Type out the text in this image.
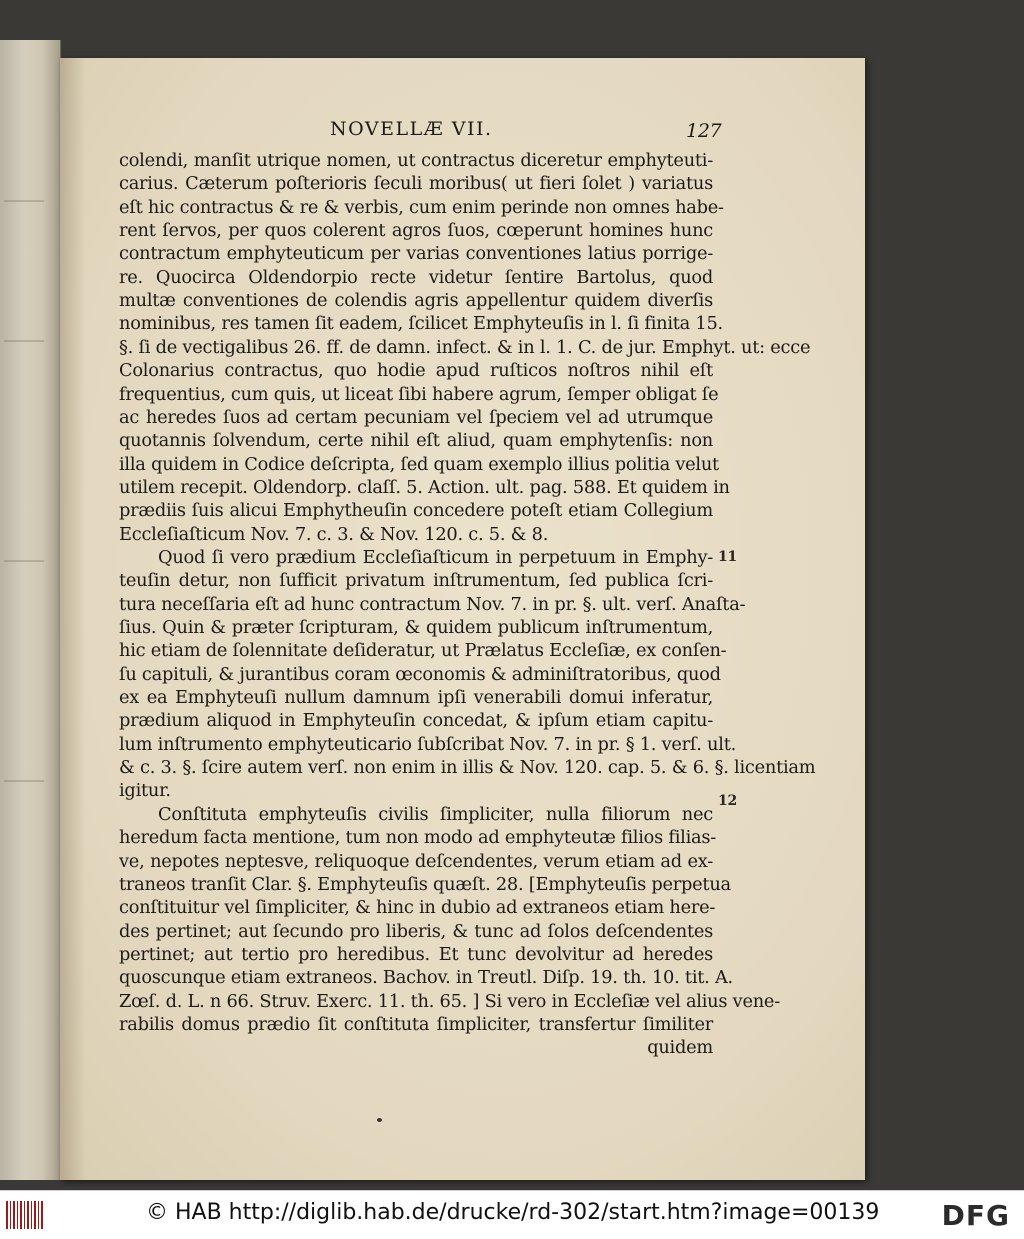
NOVELLÆ VII.	127
colendi, manſit utrique nomen, ut contractus diceretur emphyteuti-
carius. Cæterum poſterioris ſeculi moribus( ut fieri ſolet ) variatus
eſt hic contractus & re & verbis, cum enim perinde non omnes habe-
rent ſervos, per quos colerent agros ſuos, cœperunt homines hunc
contractum emphyteuticum per varias conventiones latius porrige-
re. Quocirca Oldendorpio recte videtur ſentire Bartolus, quod
multæ conventiones de colendis agris appellentur quidem diverſis
nominibus, res tamen ſit eadem, ſcilicet Emphyteuſis in l. ſi finita 15.
§. ſi de vectigalibus 26. ff. de damn. infect. & in l. 1. C. de jur. Emphyt. ut: ecce
Colonarius contractus, quo hodie apud ruſticos noſtros nihil eſt
frequentius, cum quis, ut liceat ſibi habere agrum, ſemper obligat ſe
ac heredes ſuos ad certam pecuniam vel ſpeciem vel ad utrumque
quotannis ſolvendum, certe nihil eſt aliud, quam emphytenſis: non
illa quidem in Codice deſcripta, ſed quam exemplo illius politia velut
utilem recepit. Oldendorp. claſſ. 5. Action. ult. pag. 588. Et quidem in
prædiis ſuis alicui Emphytheuſin concedere poteſt etiam Collegium
Eccleſiaſticum Nov. 7. c. 3. & Nov. 120. c. 5. & 8.
Quod ſi vero prædium Eccleſiaſticum in perpetuum in Emphy-
teuſin detur, non ſufficit privatum inſtrumentum, ſed publica ſcri-
tura neceſſaria eſt ad hunc contractum Nov. 7. in pr. §. ult. verſ. Anaſta-
ſius. Quin & præter ſcripturam, & quidem publicum inſtrumentum,
hic etiam de ſolennitate deſideratur, ut Prælatus Eccleſiæ, ex conſen-
ſu capituli, & jurantibus coram œconomis & adminiſtratoribus, quod
ex ea Emphyteuſi nullum damnum ipſi venerabili domui inferatur,
prædium aliquod in Emphyteuſin concedat, & ipſum etiam capitu-
lum inſtrumento emphyteuticario ſubſcribat Nov. 7. in pr. § 1. verſ. ult.
& c. 3. §. ſcire autem verſ. non enim in illis & Nov. 120. cap. 5. & 6. §. licentiam
igitur.
Conſtituta emphyteuſis civilis ſimpliciter, nulla filiorum nec
heredum facta mentione, tum non modo ad emphyteutæ filios filias-
ve, nepotes neptesve, reliquoque deſcendentes, verum etiam ad ex-
traneos tranſit Clar. §. Emphyteuſis quæſt. 28. [Emphyteuſis perpetua
conſtituitur vel ſimpliciter, & hinc in dubio ad extraneos etiam here-
des pertinet; aut ſecundo pro liberis, & tunc ad ſolos deſcendentes
pertinet; aut tertio pro heredibus. Et tunc devolvitur ad heredes
quoscunque etiam extraneos. Bachov. in Treutl. Diſp. 19. th. 10. tit. A.
Zœſ. d. L. n 66. Struv. Exerc. 11. th. 65. ] Si vero in Eccleſiæ vel alius vene-
rabilis domus prædio ſit conſtituta ſimpliciter, transfertur ſimiliter
quidem
11
12
© HAB http://diglib.hab.de/drucke/rd-302/start.htm?image=00139 DFG
